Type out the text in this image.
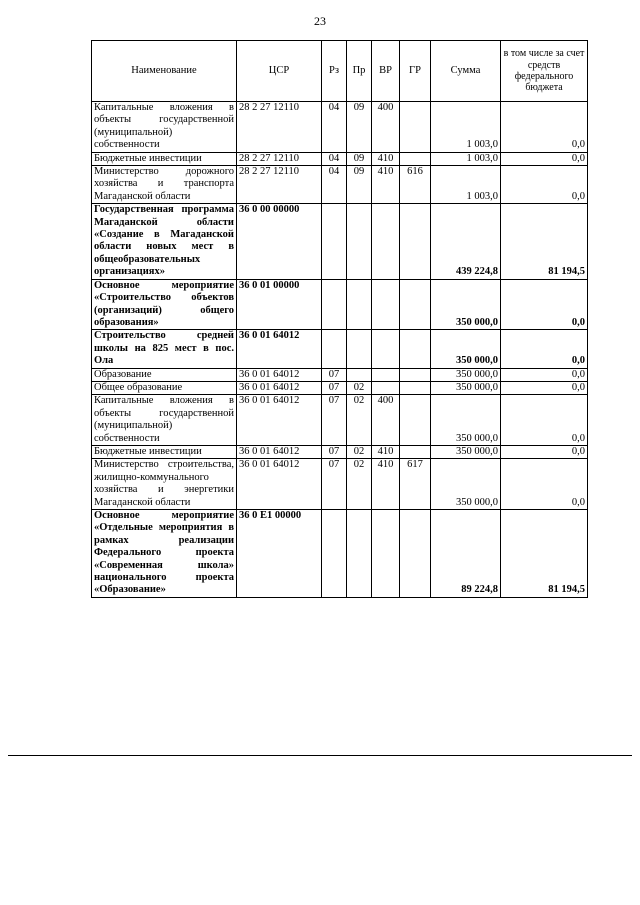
23
Наименование	ЦСР	Рз	Пр	ВР	ГР	Сумма	в том числе за счет средств федерального бюджета
Капитальные вложения в объекты государственной (муниципальной) собственности	28 2 27 12110	04	09	400		1 003,0	0,0
Бюджетные инвестиции	28 2 27 12110	04	09	410		1 003,0	0,0
Министерство дорожного хозяйства и транспорта Магаданской области	28 2 27 12110	04	09	410	616	1 003,0	0,0
Государственная программа Магаданской области «Создание в Магаданской области новых мест в общеобразовательных организациях»	36 0 00 00000					439 224,8	81 194,5
Основное мероприятие «Строительство объектов (организаций) общего образования»	36 0 01 00000					350 000,0	0,0
Строительство средней школы на 825 мест в пос. Ола	36 0 01 64012					350 000,0	0,0
Образование	36 0 01 64012	07				350 000,0	0,0
Общее образование	36 0 01 64012	07	02			350 000,0	0,0
Капитальные вложения в объекты государственной (муниципальной) собственности	36 0 01 64012	07	02	400		350 000,0	0,0
Бюджетные инвестиции	36 0 01 64012	07	02	410		350 000,0	0,0
Министерство строительства, жилищно-коммунального хозяйства и энергетики Магаданской области	36 0 01 64012	07	02	410	617	350 000,0	0,0
Основное мероприятие «Отдельные мероприятия в рамках реализации Федерального проекта «Современная школа» национального проекта «Образование»	36 0 Е1 00000					89 224,8	81 194,5
